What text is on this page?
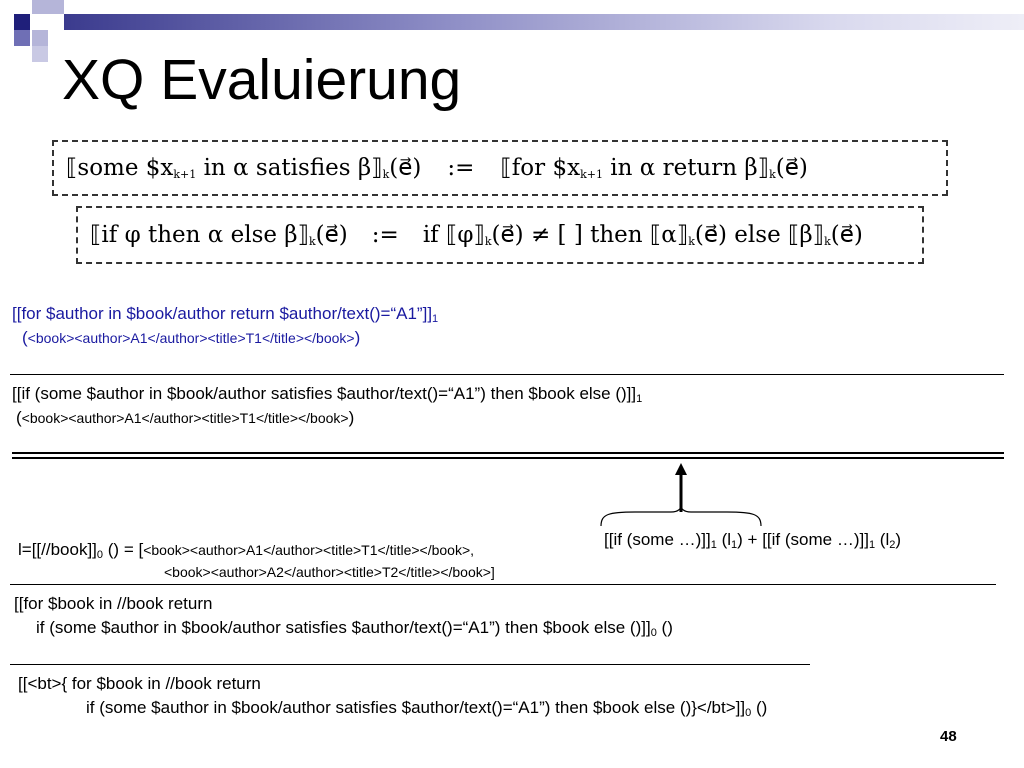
XQ Evaluierung
⟦some $\$x_{k+1}$ in α satisfies $\beta⟧_k(e⃗)$ := ⟦for $\$x_{k+1}$ in α return $\beta⟧_k(e⃗)$
⟦if φ then α else $\beta⟧_k(e⃗)$ := if $⟦\varphi⟧_k(e⃗)$ ≠ [ ] then $⟦\alpha⟧_k(e⃗)$ else $⟦\beta⟧_k(e⃗)$
[[for $author in $book/author return $\$author/text()=“A1”]]_1$
(<book><author>A1</author><title>T1</title></book>)
[[if (some $author in $book/author satisfies $author/text()=“A1”) then $book else $()]]_1$
(<book><author>A1</author><title>T1</title></book>)
$l=[[//book]]_0$ () = [<book><author>A1</author><title>T1</title></book>,
<book><author>A2</author><title>T2</title></book>]
[[if (some $\dots)]]_1$ $(l_1) + [[if$ (some $\dots)]]_1$ $(l_2)$
[[for $book in //book return
if (some $author in $book/author satisfies $author/text()=“A1”) then $book else $()]]_0$ ()
[[<bt>{ for $book in //book return
if (some $author in $book/author satisfies $author/text()=“A1”) then $book else $()\}</bt>]]_0$ ()
48
